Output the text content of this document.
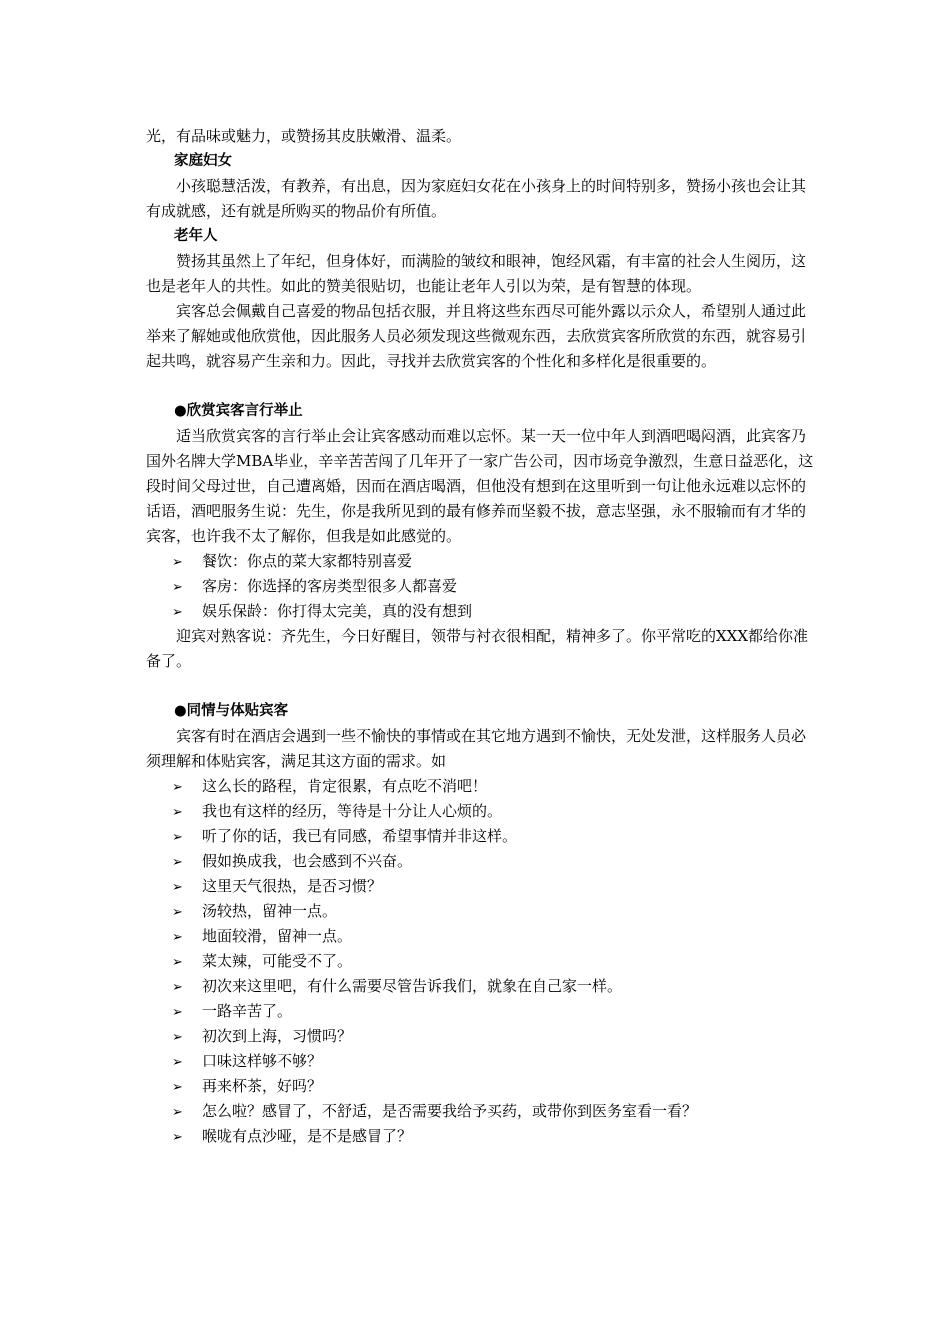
光，有品味或魅力，或赞扬其皮肤嫩滑、温柔。

家庭妇女

小孩聪慧活泼，有教养，有出息，因为家庭妇女花在小孩身上的时间特别多，赞扬小孩也会让其有成就感，还有就是所购买的物品价有所值。

老年人

赞扬其虽然上了年纪，但身体好，而满脸的皱纹和眼神，饱经风霜，有丰富的社会人生阅历，这也是老年人的共性。如此的赞美很贴切，也能让老年人引以为荣，是有智慧的体现。

宾客总会佩戴自己喜爱的物品包括衣服，并且将这些东西尽可能外露以示众人，希望别人通过此举来了解她或他欣赏他，因此服务人员必须发现这些微观东西，去欣赏宾客所欣赏的东西，就容易引起共鸣，就容易产生亲和力。因此，寻找并去欣赏宾客的个性化和多样化是很重要的。

●欣赏宾客言行举止

适当欣赏宾客的言行举止会让宾客感动而难以忘怀。某一天一位中年人到酒吧喝闷酒，此宾客乃国外名牌大学MBA毕业，辛辛苦苦闯了几年开了一家广告公司，因市场竞争激烈，生意日益恶化，这段时间父母过世，自己遭离婚，因而在酒店喝酒，但他没有想到在这里听到一句让他永远难以忘怀的话语，酒吧服务生说：先生，你是我所见到的最有修养而坚毅不拔，意志坚强，永不服输而有才华的宾客，也许我不太了解你，但我是如此感觉的。

➢	餐饮：你点的菜大家都特别喜爱
➢	客房：你选择的客房类型很多人都喜爱
➢	娱乐保龄：你打得太完美，真的没有想到

迎宾对熟客说：齐先生，今日好醒目，领带与衬衣很相配，精神多了。你平常吃的XXX都给你准备了。

●同情与体贴宾客

宾客有时在酒店会遇到一些不愉快的事情或在其它地方遇到不愉快，无处发泄，这样服务人员必须理解和体贴宾客，满足其这方面的需求。如

➢	这么长的路程，肯定很累，有点吃不消吧！
➢	我也有这样的经历，等待是十分让人心烦的。
➢	听了你的话，我已有同感，希望事情并非这样。
➢	假如换成我，也会感到不兴奋。
➢	这里天气很热，是否习惯？
➢	汤较热，留神一点。
➢	地面较滑，留神一点。
➢	菜太辣，可能受不了。
➢	初次来这里吧，有什么需要尽管告诉我们，就象在自己家一样。
➢	一路辛苦了。
➢	初次到上海，习惯吗？
➢	口味这样够不够？
➢	再来杯茶，好吗？
➢	怎么啦？感冒了，不舒适，是否需要我给予买药，或带你到医务室看一看？
➢	喉咙有点沙哑，是不是感冒了？
